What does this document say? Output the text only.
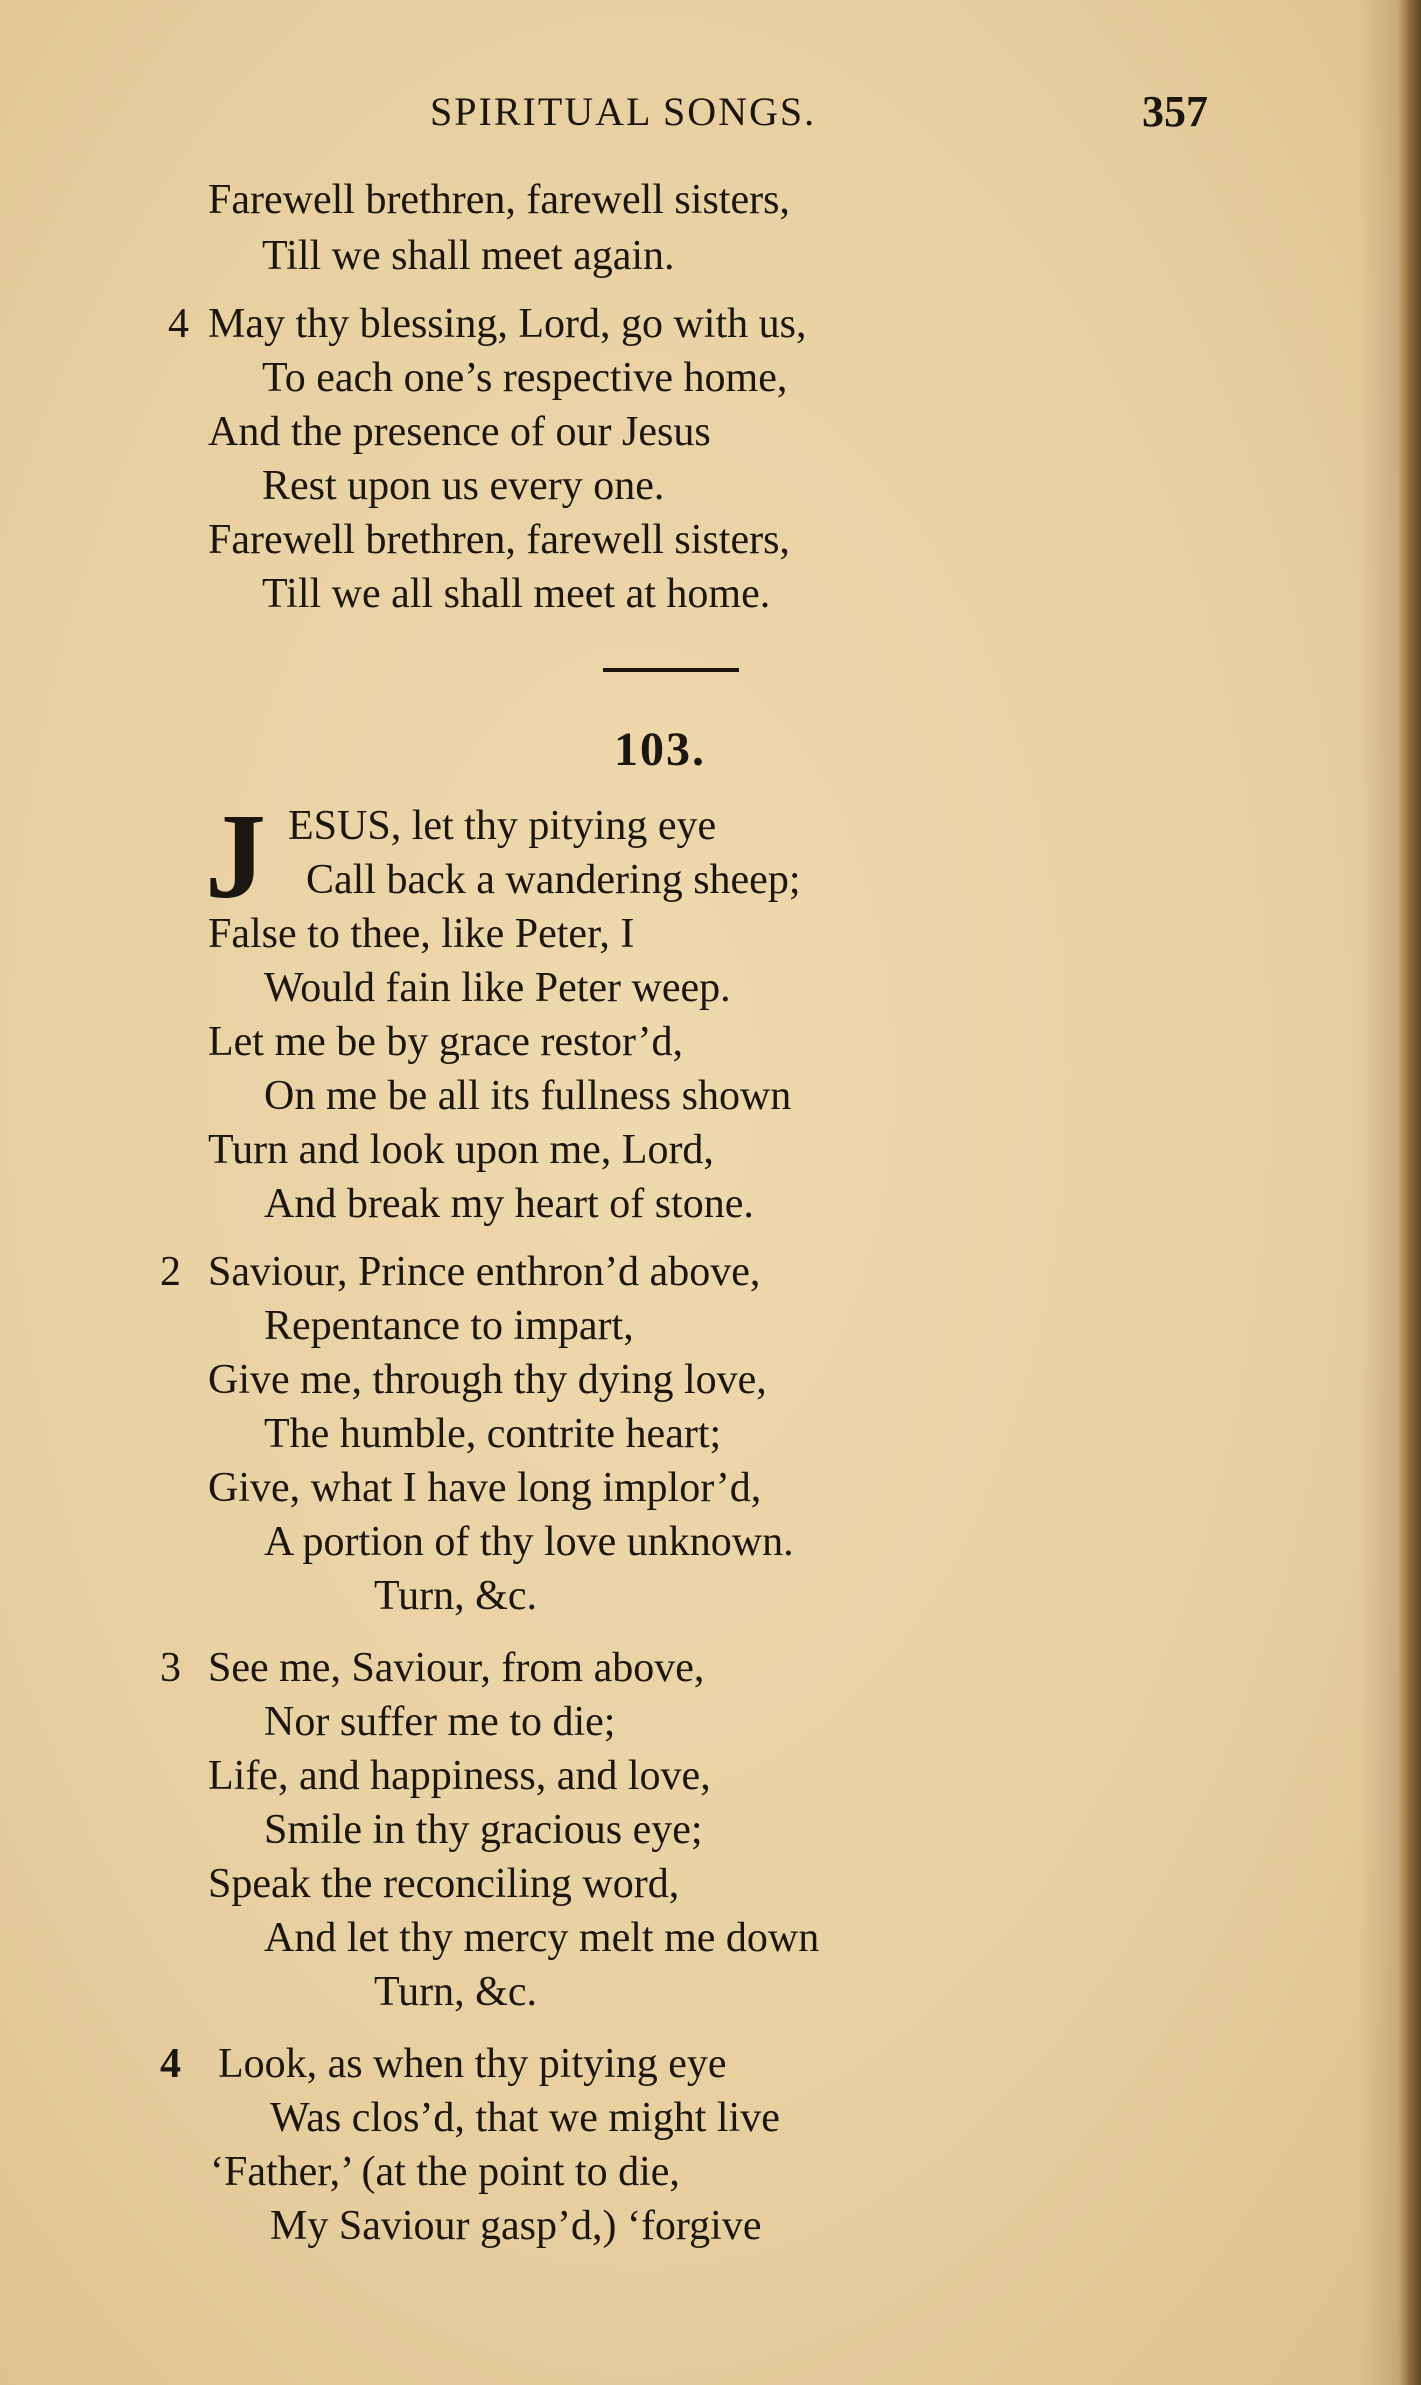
SPIRITUAL SONGS.	357
Farewell brethren, farewell sisters,
Till we shall meet again.
4 May thy blessing, Lord, go with us,
To each one’s respective home,
And the presence of our Jesus
Rest upon us every one.
Farewell brethren, farewell sisters,
Till we all shall meet at home.
103.
J ESUS, let thy pitying eye
Call back a wandering sheep;
False to thee, like Peter, I
Would fain like Peter weep.
Let me be by grace restor’d,
On me be all its fullness shown
Turn and look upon me, Lord,
And break my heart of stone.
2 Saviour, Prince enthron’d above,
Repentance to impart,
Give me, through thy dying love,
The humble, contrite heart;
Give, what I have long implor’d,
A portion of thy love unknown.
Turn, &c.
3 See me, Saviour, from above,
Nor suffer me to die;
Life, and happiness, and love,
Smile in thy gracious eye;
Speak the reconciling word,
And let thy mercy melt me down
Turn, &c.
4 Look, as when thy pitying eye
Was clos’d, that we might live
‘Father,’ (at the point to die,
My Saviour gasp’d,) ‘forgive
